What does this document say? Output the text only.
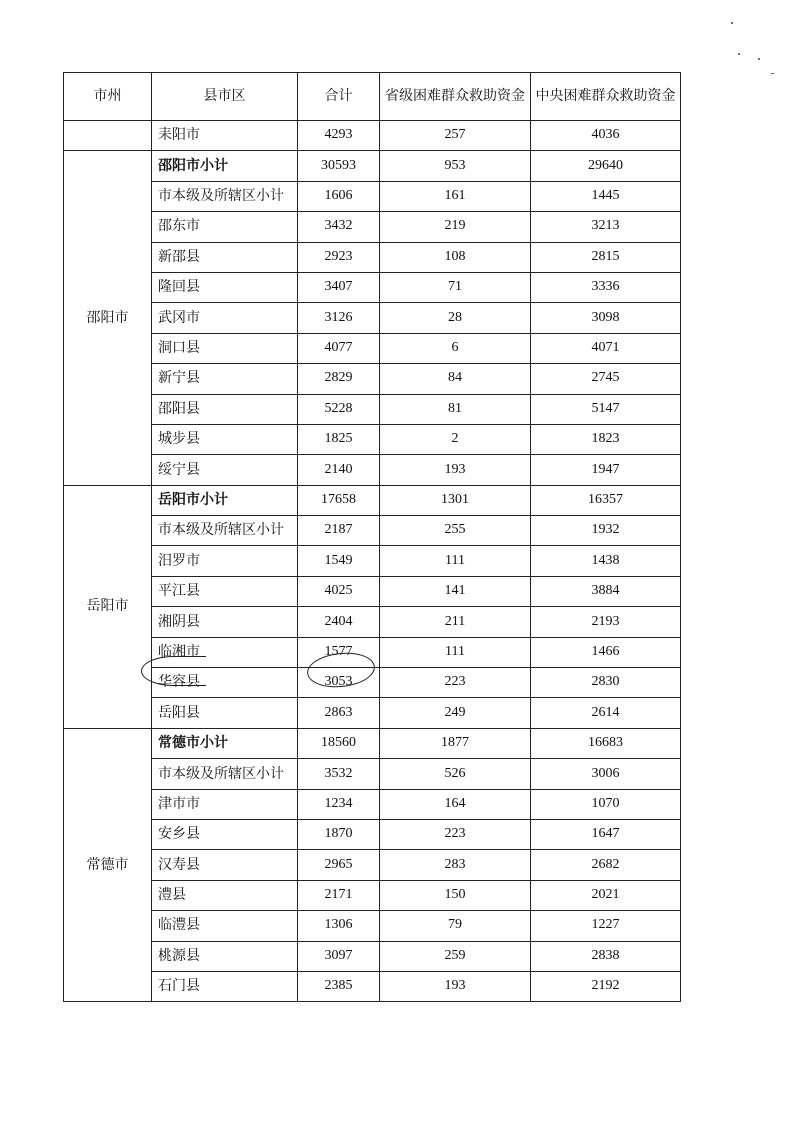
市州	县市区	合计	省级困难群众救助资金	中央困难群众救助资金
	耒阳市	4293	257	4036
邵阳市	邵阳市小计	30593	953	29640
	市本级及所辖区小计	1606	161	1445
	邵东市	3432	219	3213
	新邵县	2923	108	2815
	隆回县	3407	71	3336
	武冈市	3126	28	3098
	洞口县	4077	6	4071
	新宁县	2829	84	2745
	邵阳县	5228	81	5147
	城步县	1825	2	1823
	绥宁县	2140	193	1947
岳阳市	岳阳市小计	17658	1301	16357
	市本级及所辖区小计	2187	255	1932
	汨罗市	1549	111	1438
	平江县	4025	141	3884
	湘阴县	2404	211	2193
	临湘市	1577	111	1466
	华容县	3053	223	2830
	岳阳县	2863	249	2614
常德市	常德市小计	18560	1877	16683
	市本级及所辖区小计	3532	526	3006
	津市市	1234	164	1070
	安乡县	1870	223	1647
	汉寿县	2965	283	2682
	澧县	2171	150	2021
	临澧县	1306	79	1227
	桃源县	3097	259	2838
	石门县	2385	193	2192
